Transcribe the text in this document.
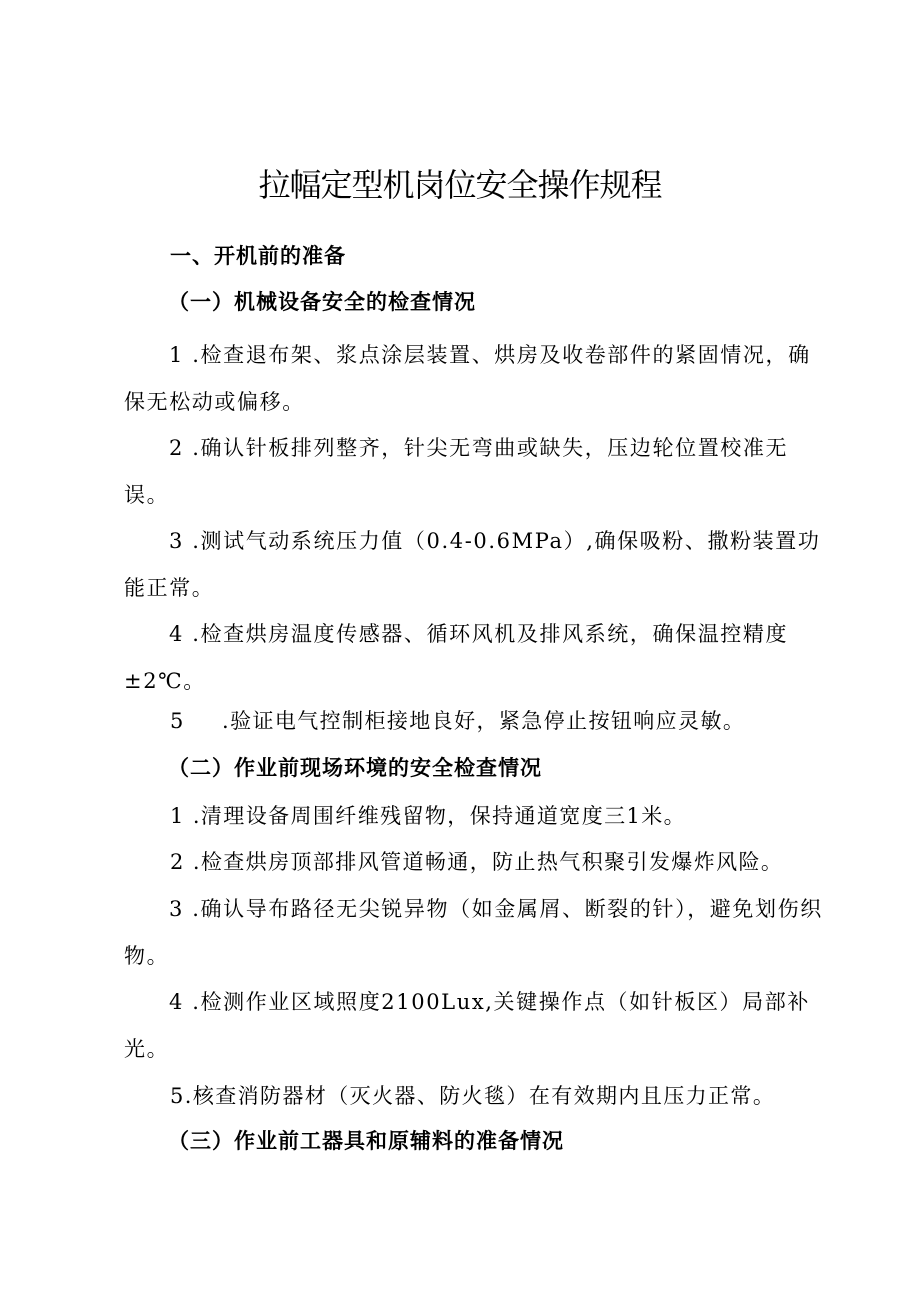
拉幅定型机岗位安全操作规程
一、开机前的准备
（一）机械设备安全的检查情况
1 .检查退布架、浆点涂层装置、烘房及收卷部件的紧固情况，确保无松动或偏移。
2 .确认针板排列整齐，针尖无弯曲或缺失，压边轮位置校准无误。
3 .测试气动系统压力值（0.4-0.6MPa）,确保吸粉、撒粉装置功能正常。
4 .检查烘房温度传感器、循环风机及排风系统，确保温控精度±2℃。
5 .验证电气控制柜接地良好，紧急停止按钮响应灵敏。
（二）作业前现场环境的安全检查情况
1 .清理设备周围纤维残留物，保持通道宽度三1米。
2 .检查烘房顶部排风管道畅通，防止热气积聚引发爆炸风险。
3 .确认导布路径无尖锐异物（如金属屑、断裂的针），避免划伤织物。
4 .检测作业区域照度2100Lux,关键操作点（如针板区）局部补光。
5.核查消防器材（灭火器、防火毯）在有效期内且压力正常。
（三）作业前工器具和原辅料的准备情况
